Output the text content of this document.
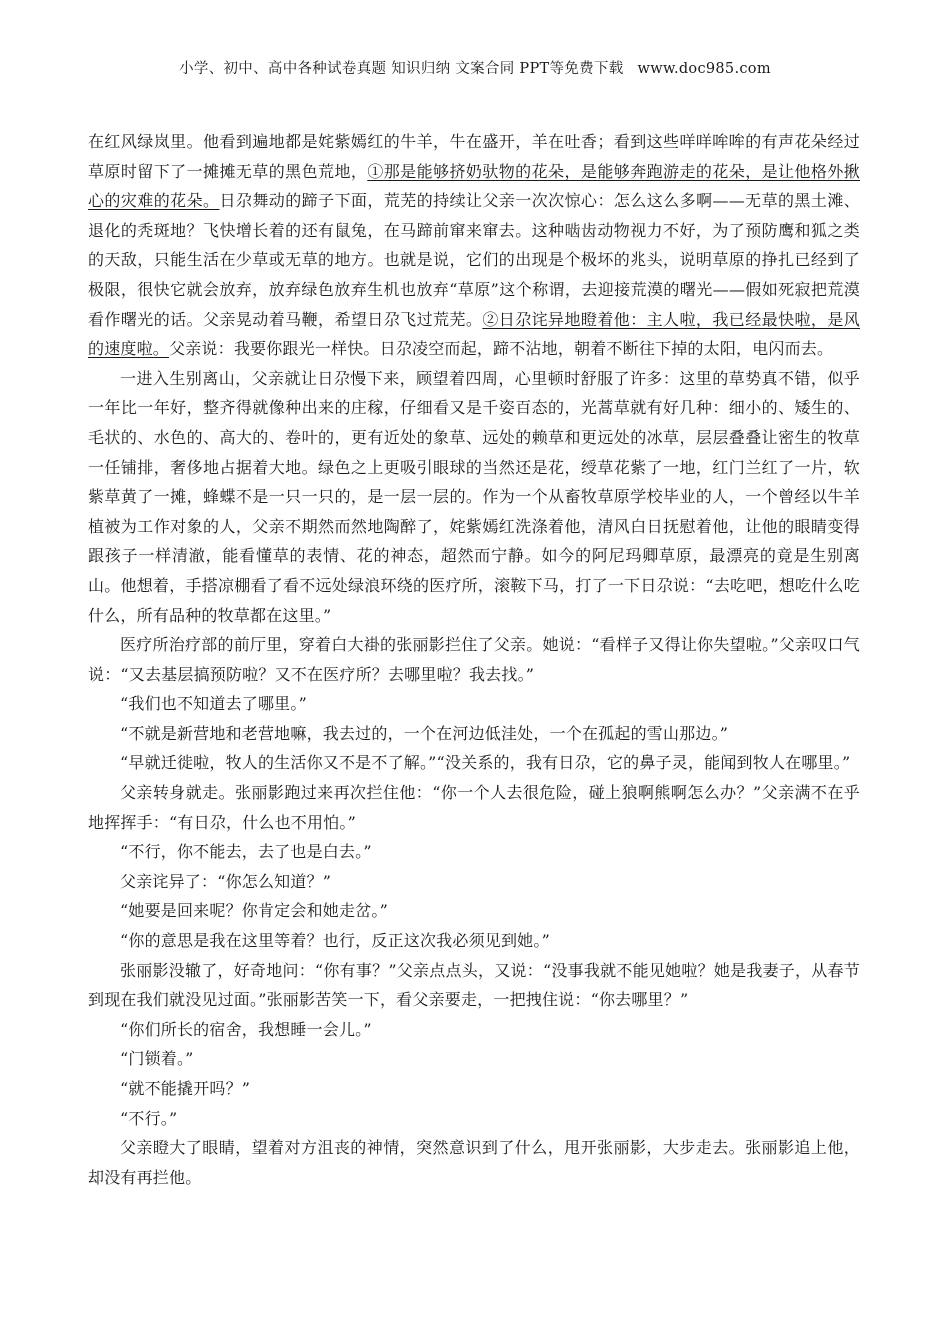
小学、初中、高中各种试卷真题 知识归纳 文案合同 PPT等免费下载 www.doc985.com

在红风绿岚里。他看到遍地都是姹紫嫣红的牛羊，牛在盛开，羊在吐香；看到这些咩咩哞哞的有声花朵经过草原时留下了一摊摊无草的黑色荒地，①那是能够挤奶驮物的花朵，是能够奔跑游走的花朵，是让他格外揪心的灾难的花朵。日尕舞动的蹄子下面，荒芜的持续让父亲一次次惊心：怎么这么多啊——无草的黑土滩、退化的秃斑地？飞快增长着的还有鼠兔，在马蹄前窜来窜去。这种啮齿动物视力不好，为了预防鹰和狐之类的天敌，只能生活在少草或无草的地方。也就是说，它们的出现是个极坏的兆头，说明草原的挣扎已经到了极限，很快它就会放弃，放弃绿色放弃生机也放弃“草原”这个称谓，去迎接荒漠的曙光——假如死寂把荒漠看作曙光的话。父亲晃动着马鞭，希望日尕飞过荒芜。②日尕诧异地瞪着他：主人啦，我已经最快啦，是风的速度啦。父亲说：我要你跟光一样快。日尕凌空而起，蹄不沾地，朝着不断往下掉的太阳，电闪而去。

一进入生别离山，父亲就让日尕慢下来，顾望着四周，心里顿时舒服了许多：这里的草势真不错，似乎一年比一年好，整齐得就像种出来的庄稼，仔细看又是千姿百态的，光蒿草就有好几种：细小的、矮生的、毛状的、水色的、高大的、卷叶的，更有近处的象草、远处的赖草和更远处的冰草，层层叠叠让密生的牧草一任铺排，奢侈地占据着大地。绿色之上更吸引眼球的当然还是花，绶草花紫了一地，红门兰红了一片，软紫草黄了一摊，蜂蝶不是一只一只的，是一层一层的。作为一个从畜牧草原学校毕业的人，一个曾经以牛羊植被为工作对象的人，父亲不期然而然地陶醉了，姹紫嫣红洗涤着他，清风白日抚慰着他，让他的眼睛变得跟孩子一样清澈，能看懂草的表情、花的神态，超然而宁静。如今的阿尼玛卿草原，最漂亮的竟是生别离山。他想着，手搭凉棚看了看不远处绿浪环绕的医疗所，滚鞍下马，打了一下日尕说：“去吃吧，想吃什么吃什么，所有品种的牧草都在这里。”

医疗所治疗部的前厅里，穿着白大褂的张丽影拦住了父亲。她说：“看样子又得让你失望啦。”父亲叹口气说：“又去基层搞预防啦？又不在医疗所？去哪里啦？我去找。”

“我们也不知道去了哪里。”

“不就是新营地和老营地嘛，我去过的，一个在河边低洼处，一个在孤起的雪山那边。”

“早就迁徙啦，牧人的生活你又不是不了解。”“没关系的，我有日尕，它的鼻子灵，能闻到牧人在哪里。”

父亲转身就走。张丽影跑过来再次拦住他：“你一个人去很危险，碰上狼啊熊啊怎么办？”父亲满不在乎地挥挥手：“有日尕，什么也不用怕。”

“不行，你不能去，去了也是白去。”

父亲诧异了：“你怎么知道？”

“她要是回来呢？你肯定会和她走岔。”

“你的意思是我在这里等着？也行，反正这次我必须见到她。”

张丽影没辙了，好奇地问：“你有事？”父亲点点头，又说：“没事我就不能见她啦？她是我妻子，从春节到现在我们就没见过面。”张丽影苦笑一下，看父亲要走，一把拽住说：“你去哪里？”

“你们所长的宿舍，我想睡一会儿。”

“门锁着。”

“就不能撬开吗？”

“不行。”

父亲瞪大了眼睛，望着对方沮丧的神情，突然意识到了什么，甩开张丽影，大步走去。张丽影追上他，却没有再拦他。
